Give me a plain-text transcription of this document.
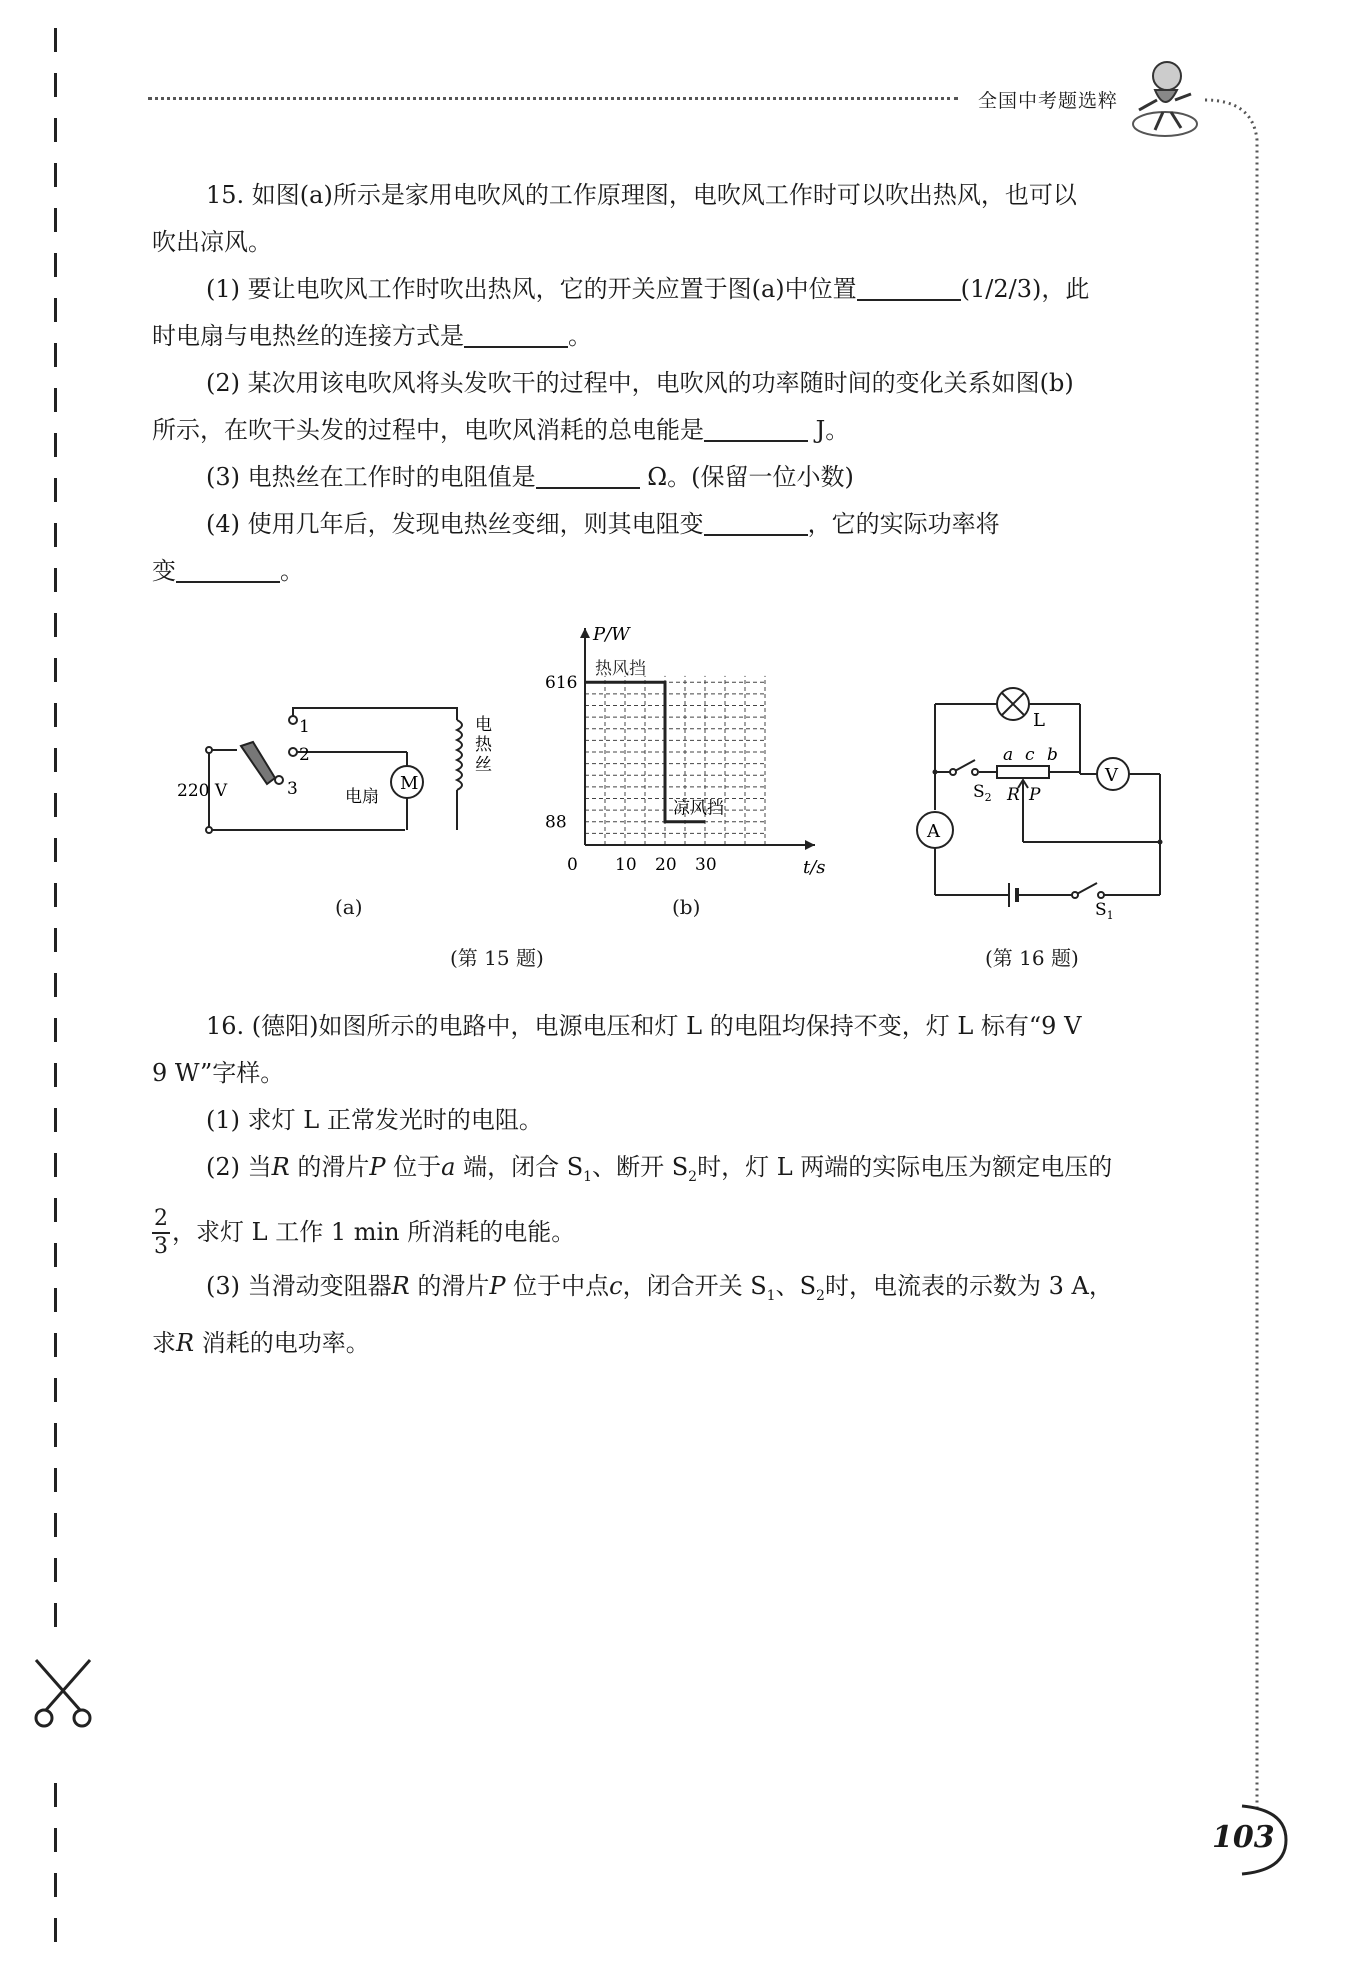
全国中考题选粹

15. 如图(a)所示是家用电吹风的工作原理图，电吹风工作时可以吹出热风，也可以

吹出凉风。

(1) 要让电吹风工作时吹出热风，它的开关应置于图(a)中位置	(1/2/3)，此

时电扇与电热丝的连接方式是	。

(2) 某次用该电吹风将头发吹干的过程中，电吹风的功率随时间的变化关系如图(b)

所示，在吹干头发的过程中，电吹风消耗的总电能是	J。

(3) 电热丝在工作时的电阻值是	Ω。(保留一位小数)

(4) 使用几年后，发现电热丝变细，则其电阻变	，它的实际功率将

变	。

220 V
1
2
3	电扇
M
电
热
丝
(a)
0 10 20 30
88
616
P/W
t/s
热风挡
凉风挡
(b)
(第 15 题)
L
A
V
$S_2$
$S_1$
a c b
R P
(第 16 题)

16. (德阳)如图所示的电路中，电源电压和灯 L 的电阻均保持不变，灯 L 标有“9 V

9 W”字样。

(1) 求灯 L 正常发光时的电阻。

(2) 当R 的滑片P 位于a 端，闭合 $S_1$、断开 $S_2$时，灯 L 两端的实际电压为额定电压的

$\frac{2}{3}$ ，求灯 L 工作 1 min 所消耗的电能。

(3) 当滑动变阻器R 的滑片P 位于中点c，闭合开关 $S_1$、$S_2$时，电流表的示数为 3 A，

求R 消耗的电功率。

103
